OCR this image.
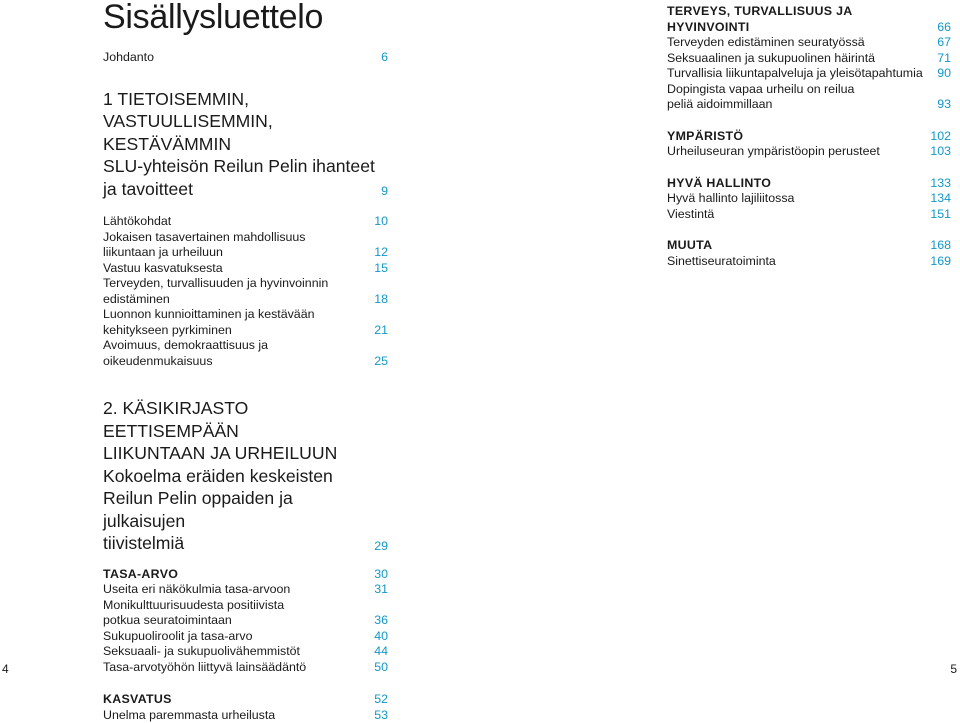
Sisällysluettelo
Johdanto	6
1 TIETOISEMMIN,
VASTUULLISEMMIN, KESTÄVÄMMIN
SLU-yhteisön Reilun Pelin ihanteet
ja tavoitteet	9
Lähtökohdat	10
Jokaisen tasavertainen mahdollisuus
liikuntaan ja urheiluun	12
Vastuu kasvatuksesta	15
Terveyden, turvallisuuden ja hyvinvoinnin
edistäminen	18
Luonnon kunnioittaminen ja kestävään
kehitykseen pyrkiminen	21
Avoimuus, demokraattisuus ja oikeudenmukaisuus	25
2. KÄSIKIRJASTO EETTISEMPÄÄN
LIIKUNTAAN JA URHEILUUN
Kokoelma eräiden keskeisten
Reilun Pelin oppaiden ja julkaisujen
tiivistelmiä	29
TASA-ARVO	30
Useita eri näkökulmia tasa-arvoon	31
Monikulttuurisuudesta positiivista
potkua seuratoimintaan	36
Sukupuoliroolit ja tasa-arvo	40
Seksuaali- ja sukupuolivähemmistöt	44
Tasa-arvotyöhön liittyvä lainsäädäntö	50
KASVATUS	52
Unelma paremmasta urheilusta	53
TERVEYS, TURVALLISUUS JA HYVINVOINTI	66
Terveyden edistäminen seuratyössä	67
Seksuaalinen ja sukupuolinen häirintä	71
Turvallisia liikuntapalveluja ja yleisötapahtumia	90
Dopingista vapaa urheilu on reilua
peliä aidoimmillaan	93
YMPÄRISTÖ	102
Urheiluseuran ympäristöopin perusteet	103
HYVÄ HALLINTO	133
Hyvä hallinto lajiliitossa	134
Viestintä	151
MUUTA	168
Sinettiseuratoiminta	169
4	5
